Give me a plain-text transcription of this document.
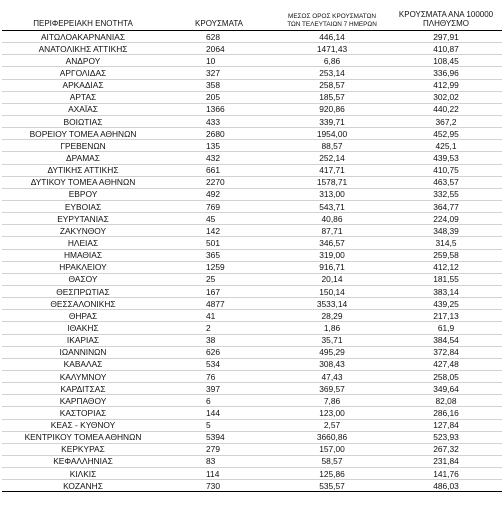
ΠΕΡΙΦΕΡΕΙΑΚΗ ΕΝΟΤΗΤΑ	ΚΡΟΥΣΜΑΤΑ	ΜΕΣΟΣ ΟΡΟΣ ΚΡΟΥΣΜΑΤΩΝ
ΤΩΝ ΤΕΛΕΥΤΑΙΩΝ 7 ΗΜΕΡΩΝ	ΚΡΟΥΣΜΑΤΑ ΑΝΑ 100000
ΠΛΗΘΥΣΜΟ
ΑΙΤΩΛΟΑΚΑΡΝΑΝΙΑΣ	628	446,14	297,91
ΑΝΑΤΟΛΙΚΗΣ ΑΤΤΙΚΗΣ	2064	1471,43	410,87
ΑΝΔΡΟΥ	10	6,86	108,45
ΑΡΓΟΛΙΔΑΣ	327	253,14	336,96
ΑΡΚΑΔΙΑΣ	358	258,57	412,99
ΑΡΤΑΣ	205	185,57	302,02
ΑΧΑΪΑΣ	1366	920,86	440,22
ΒΟΙΩΤΙΑΣ	433	339,71	367,2
ΒΟΡΕΙΟΥ ΤΟΜΕΑ ΑΘΗΝΩΝ	2680	1954,00	452,95
ΓΡΕΒΕΝΩΝ	135	88,57	425,1
ΔΡΑΜΑΣ	432	252,14	439,53
ΔΥΤΙΚΗΣ ΑΤΤΙΚΗΣ	661	417,71	410,75
ΔΥΤΙΚΟΥ ΤΟΜΕΑ ΑΘΗΝΩΝ	2270	1578,71	463,57
ΕΒΡΟΥ	492	313,00	332,55
ΕΥΒΟΙΑΣ	769	543,71	364,77
ΕΥΡΥΤΑΝΙΑΣ	45	40,86	224,09
ΖΑΚΥΝΘΟΥ	142	87,71	348,39
ΗΛΕΙΑΣ	501	346,57	314,5
ΗΜΑΘΙΑΣ	365	319,00	259,58
ΗΡΑΚΛΕΙΟΥ	1259	916,71	412,12
ΘΑΣΟΥ	25	20,14	181,55
ΘΕΣΠΡΩΤΙΑΣ	167	150,14	383,14
ΘΕΣΣΑΛΟΝΙΚΗΣ	4877	3533,14	439,25
ΘΗΡΑΣ	41	28,29	217,13
ΙΘΑΚΗΣ	2	1,86	61,9
ΙΚΑΡΙΑΣ	38	35,71	384,54
ΙΩΑΝΝΙΝΩΝ	626	495,29	372,84
ΚΑΒΑΛΑΣ	534	308,43	427,48
ΚΑΛΥΜΝΟΥ	76	47,43	258,05
ΚΑΡΔΙΤΣΑΣ	397	369,57	349,64
ΚΑΡΠΑΘΟΥ	6	7,86	82,08
ΚΑΣΤΟΡΙΑΣ	144	123,00	286,16
ΚΕΑΣ - ΚΥΘΝΟΥ	5	2,57	127,84
ΚΕΝΤΡΙΚΟΥ ΤΟΜΕΑ ΑΘΗΝΩΝ	5394	3660,86	523,93
ΚΕΡΚΥΡΑΣ	279	157,00	267,32
ΚΕΦΑΛΛΗΝΙΑΣ	83	58,57	231,84
ΚΙΛΚΙΣ	114	125,86	141,76
ΚΟΖΑΝΗΣ	730	535,57	486,03
